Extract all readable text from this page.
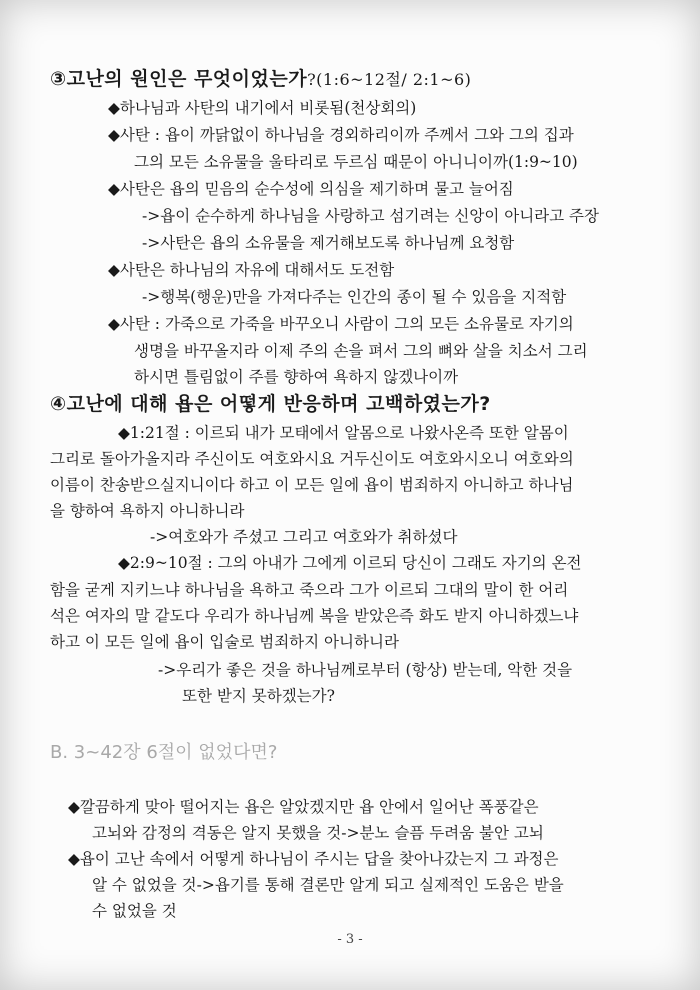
③고난의 원인은 무엇이었는가?(1:6~12절/ 2:1~6)
◆하나님과 사탄의 내기에서 비롯됨(천상회의)
◆사탄 : 욥이 까닭없이 하나님을 경외하리이까 주께서 그와 그의 집과
그의 모든 소유물을 울타리로 두르심 때문이 아니니이까(1:9~10)
◆사탄은 욥의 믿음의 순수성에 의심을 제기하며 물고 늘어짐
->욥이 순수하게 하나님을 사랑하고 섬기려는 신앙이 아니라고 주장
->사탄은 욥의 소유물을 제거해보도록 하나님께 요청함
◆사탄은 하나님의 자유에 대해서도 도전함
->행복(행운)만을 가져다주는 인간의 종이 될 수 있음을 지적함
◆사탄 : 가죽으로 가죽을 바꾸오니 사람이 그의 모든 소유물로 자기의
생명을 바꾸올지라 이제 주의 손을 펴서 그의 뼈와 살을 치소서 그리
하시면 틀림없이 주를 향하여 욕하지 않겠나이까
④고난에 대해 욥은 어떻게 반응하며 고백하였는가?
◆1:21절 : 이르되 내가 모태에서 알몸으로 나왔사온즉 또한 알몸이
그리로 돌아가올지라 주신이도 여호와시요 거두신이도 여호와시오니 여호와의
이름이 찬송받으실지니이다 하고 이 모든 일에 욥이 범죄하지 아니하고 하나님
을 향하여 욕하지 아니하니라
->여호와가 주셨고 그리고 여호와가 취하셨다
◆2:9~10절 : 그의 아내가 그에게 이르되 당신이 그래도 자기의 온전
함을 굳게 지키느냐 하나님을 욕하고 죽으라 그가 이르되 그대의 말이 한 어리
석은 여자의 말 같도다 우리가 하나님께 복을 받았은즉 화도 받지 아니하겠느냐
하고 이 모든 일에 욥이 입술로 범죄하지 아니하니라
->우리가 좋은 것을 하나님께로부터 (항상) 받는데, 악한 것을
또한 받지 못하겠는가?
B. 3~42장 6절이 없었다면?
◆깔끔하게 맞아 떨어지는 욥은 알았겠지만 욥 안에서 일어난 폭풍같은
고뇌와 감정의 격동은 알지 못했을 것->분노 슬픔 두려움 불안 고뇌
◆욥이 고난 속에서 어떻게 하나님이 주시는 답을 찾아나갔는지 그 과정은
알 수 없었을 것->욥기를 통해 결론만 알게 되고 실제적인 도움은 받을
수 없었을 것
- 3 -
